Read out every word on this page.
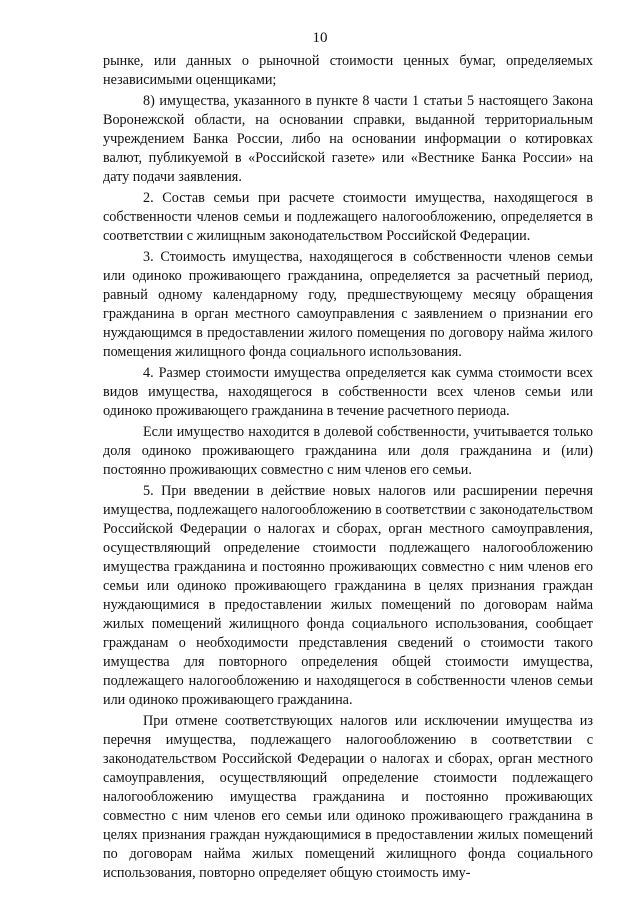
10

рынке, или данных о рыночной стоимости ценных бумаг, определяемых независимыми оценщиками;

8) имущества, указанного в пункте 8 части 1 статьи 5 настоящего Закона Воронежской области, на основании справки, выданной территориальным учреждением Банка России, либо на основании информации о котировках валют, публикуемой в «Российской газете» или «Вестнике Банка России» на дату подачи заявления.

2. Состав семьи при расчете стоимости имущества, находящегося в собственности членов семьи и подлежащего налогообложению, определяется в соответствии с жилищным законодательством Российской Федерации.

3. Стоимость имущества, находящегося в собственности членов семьи или одиноко проживающего гражданина, определяется за расчетный период, равный одному календарному году, предшествующему месяцу обращения гражданина в орган местного самоуправления с заявлением о признании его нуждающимся в предоставлении жилого помещения по договору найма жилого помещения жилищного фонда социального использования.

4. Размер стоимости имущества определяется как сумма стоимости всех видов имущества, находящегося в собственности всех членов семьи или одиноко проживающего гражданина в течение расчетного периода.

Если имущество находится в долевой собственности, учитывается только доля одиноко проживающего гражданина или доля гражданина и (или) постоянно проживающих совместно с ним членов его семьи.

5. При введении в действие новых налогов или расширении перечня имущества, подлежащего налогообложению в соответствии с законодательством Российской Федерации о налогах и сборах, орган местного самоуправления, осуществляющий определение стоимости подлежащего налогообложению имущества гражданина и постоянно проживающих совместно с ним членов его семьи или одиноко проживающего гражданина в целях признания граждан нуждающимися в предоставлении жилых помещений по договорам найма жилых помещений жилищного фонда социального использования, сообщает гражданам о необходимости представления сведений о стоимости такого имущества для повторного определения общей стоимости имущества, подлежащего налогообложению и находящегося в собственности членов семьи или одиноко проживающего гражданина.

При отмене соответствующих налогов или исключении имущества из перечня имущества, подлежащего налогообложению в соответствии с законодательством Российской Федерации о налогах и сборах, орган местного самоуправления, осуществляющий определение стоимости подлежащего налогообложению имущества гражданина и постоянно проживающих совместно с ним членов его семьи или одиноко проживающего гражданина в целях признания граждан нуждающимися в предоставлении жилых помещений по договорам найма жилых помещений жилищного фонда социального использования, повторно определяет общую стоимость иму-
